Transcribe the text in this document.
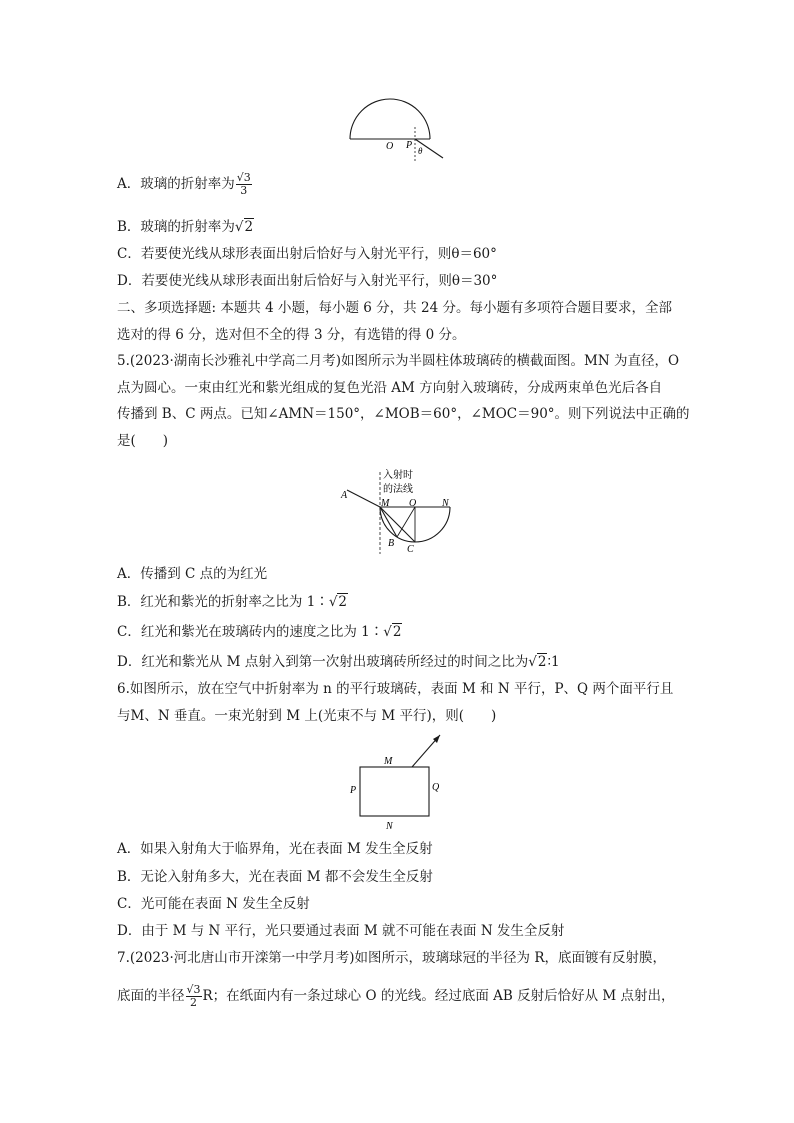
O P θ
A．玻璃的折射率为 $\frac{√3}{3}$
B．玻璃的折射率为√2
C．若要使光线从球形表面出射后恰好与入射光平行，则θ＝60°
D．若要使光线从球形表面出射后恰好与入射光平行，则θ＝30°
二、多项选择题: 本题共 4 小题，每小题 6 分，共 24 分。每小题有多项符合题目要求，全部
选对的得 6 分，选对但不全的得 3 分，有选错的得 0 分。
5.(2023·湖南长沙雅礼中学高二月考)如图所示为半圆柱体玻璃砖的横截面图。MN 为直径，O
点为圆心。一束由红光和紫光组成的复色光沿 AM 方向射入玻璃砖，分成两束单色光后各自
传播到 B、C 两点。已知∠AMN＝150°，∠MOB＝60°，∠MOC＝90°。则下列说法中正确的
是(　　)
入射时
的法线
A
M O	N
B
C
A．传播到 C 点的为红光
B．红光和紫光的折射率之比为 1∶√2
C．红光和紫光在玻璃砖内的速度之比为 1∶√2
D．红光和紫光从 M 点射入到第一次射出玻璃砖所经过的时间之比为√2∶1
6.如图所示，放在空气中折射率为 n 的平行玻璃砖，表面 M 和 N 平行，P、Q 两个面平行且
与M、N 垂直。一束光射到 M 上(光束不与 M 平行)，则(　　)
M
N
P	Q
A．如果入射角大于临界角，光在表面 M 发生全反射
B．无论入射角多大，光在表面 M 都不会发生全反射
C．光可能在表面 N 发生全反射
D．由于 M 与 N 平行，光只要通过表面 M 就不可能在表面 N 发生全反射
7.(2023·河北唐山市开滦第一中学月考)如图所示，玻璃球冠的半径为 R，底面镀有反射膜，
底面的半径 $\frac{√3}{2}$ R；在纸面内有一条过球心 O 的光线。经过底面 AB 反射后恰好从 M 点射出，
